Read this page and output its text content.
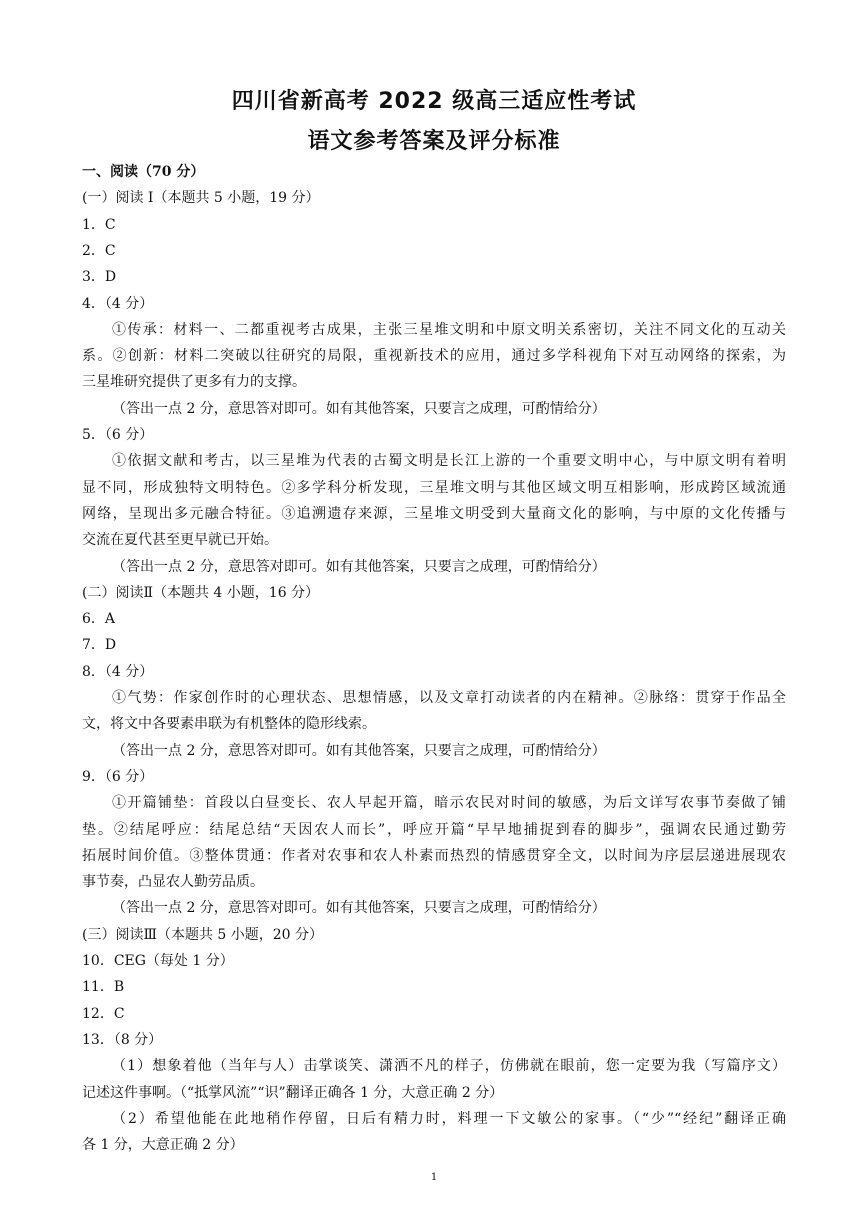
四川省新高考 2022 级高三适应性考试
语文参考答案及评分标准
一、阅读（70 分）
(一）阅读 I（本题共 5 小题，19 分）
1．C
2．C
3．D
4．（4 分）
①传承：材料一、二都重视考古成果，主张三星堆文明和中原文明关系密切，关注不同文化的互动关
系。②创新：材料二突破以往研究的局限，重视新技术的应用，通过多学科视角下对互动网络的探索，为
三星堆研究提供了更多有力的支撑。
（答出一点 2 分，意思答对即可。如有其他答案，只要言之成理，可酌情给分）
5．（6 分）
①依据文献和考古，以三星堆为代表的古蜀文明是长江上游的一个重要文明中心，与中原文明有着明
显不同，形成独特文明特色。②多学科分析发现，三星堆文明与其他区域文明互相影响，形成跨区域流通
网络，呈现出多元融合特征。③追溯遗存来源，三星堆文明受到大量商文化的影响，与中原的文化传播与
交流在夏代甚至更早就已开始。
（答出一点 2 分，意思答对即可。如有其他答案，只要言之成理，可酌情给分）
(二）阅读Ⅱ（本题共 4 小题，16 分）
6．A
7．D
8．（4 分）
①气势：作家创作时的心理状态、思想情感，以及文章打动读者的内在精神。②脉络：贯穿于作品全
文，将文中各要素串联为有机整体的隐形线索。
（答出一点 2 分，意思答对即可。如有其他答案，只要言之成理，可酌情给分）
9．（6 分）
①开篇铺垫：首段以白昼变长、农人早起开篇，暗示农民对时间的敏感，为后文详写农事节奏做了铺
垫。②结尾呼应：结尾总结“天因农人而长”，呼应开篇“早早地捕捉到春的脚步”，强调农民通过勤劳
拓展时间价值。③整体贯通：作者对农事和农人朴素而热烈的情感贯穿全文，以时间为序层层递进展现农
事节奏，凸显农人勤劳品质。
（答出一点 2 分，意思答对即可。如有其他答案，只要言之成理，可酌情给分）
(三）阅读Ⅲ（本题共 5 小题，20 分）
10．CEG（每处 1 分）
11．B
12．C
13．（8 分）
（1）想象着他（当年与人）击掌谈笑、潇洒不凡的样子，仿佛就在眼前，您一定要为我（写篇序文）
记述这件事啊。（“抵掌风流”“识”翻译正确各 1 分，大意正确 2 分）
（2）希望他能在此地稍作停留，日后有精力时，料理一下文敏公的家事。（“少”“经纪”翻译正确
各 1 分，大意正确 2 分）
1
